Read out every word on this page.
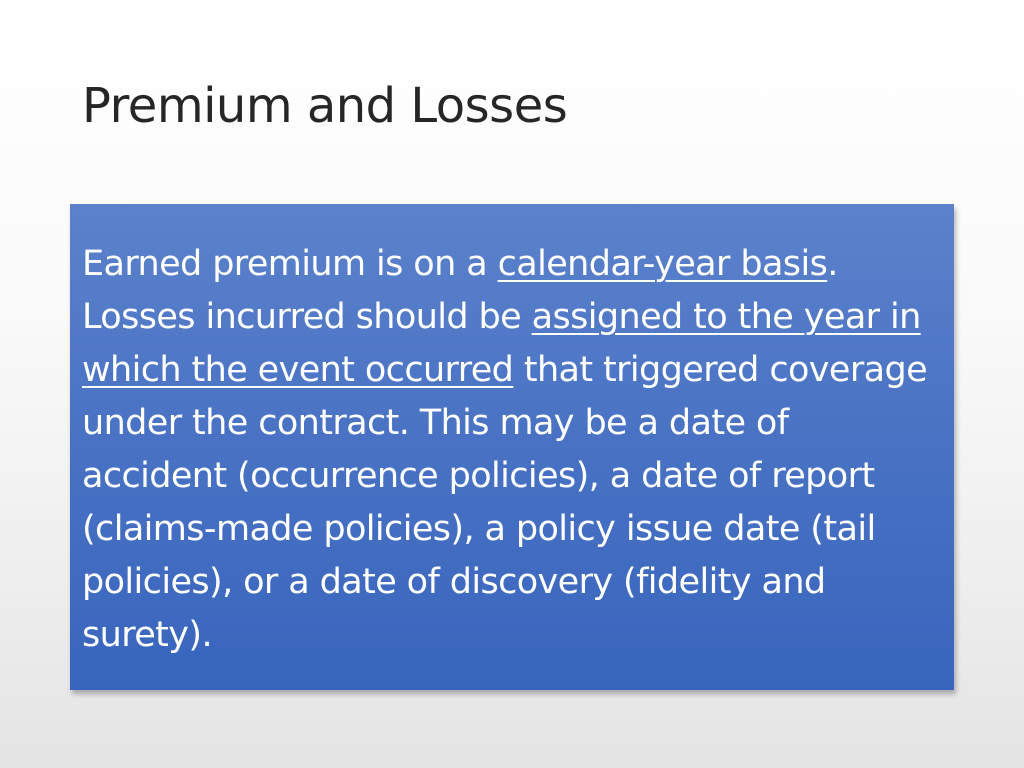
Premium and Losses

Earned premium is on a calendar-year basis. Losses incurred should be assigned to the year in which the event occurred that triggered coverage under the contract. This may be a date of accident (occurrence policies), a date of report (claims-made policies), a policy issue date (tail policies), or a date of discovery (fidelity and surety).
